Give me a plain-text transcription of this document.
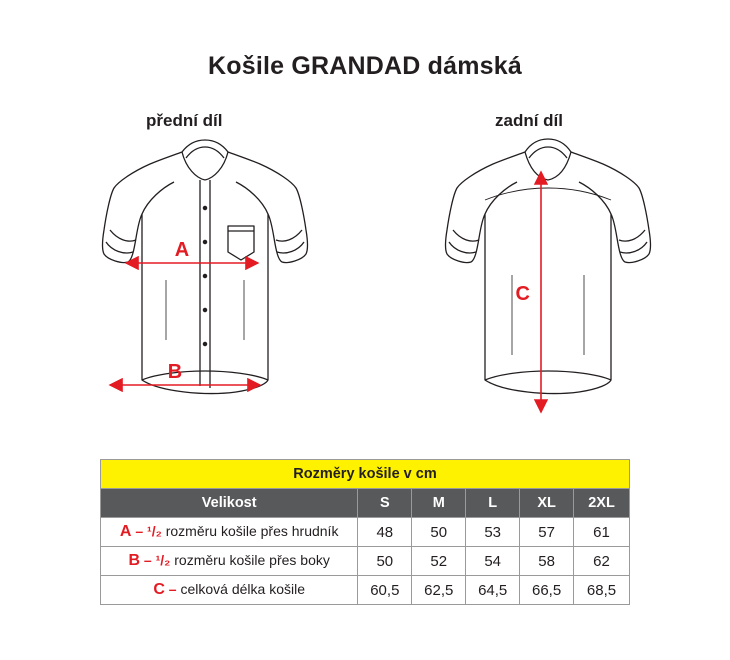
Košile GRANDAD dámská
přední díl	zadní díl
A
B
C
Rozměry košile v cm					
Velikost	S	M	L	XL	2XL
A – ¹/₂ rozměru košile přes hrudník	48	50	53	57	61
B – ¹/₂ rozměru košile přes boky	50	52	54	58	62
C – celková délka košile	60,5	62,5	64,5	66,5	68,5
